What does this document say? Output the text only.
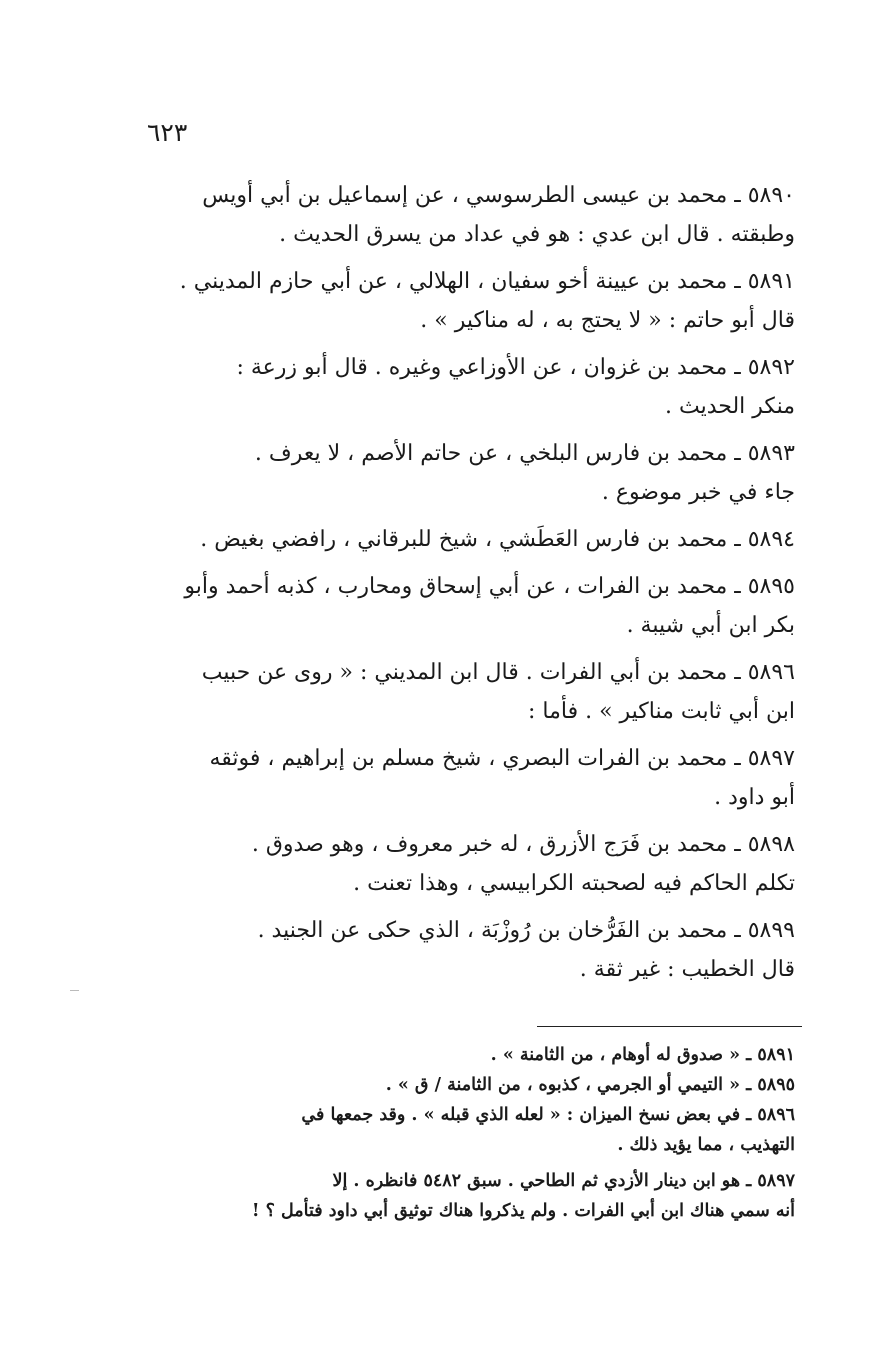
٦٢٣
٥٨٩٠ ـ محمد بن عيسى الطرسوسي ، عن إسماعيل بن أبي أويس
وطبقته . قال ابن عدي : هو في عداد من يسرق الحديث .
٥٨٩١ ـ محمد بن عيينة أخو سفيان ، الهلالي ، عن أبي حازم المديني .
قال أبو حاتم : « لا يحتج به ، له مناكير » .
٥٨٩٢ ـ محمد بن غزوان ، عن الأوزاعي وغيره . قال أبو زرعة :
منكر الحديث .
٥٨٩٣ ـ محمد بن فارس البلخي ، عن حاتم الأصم ، لا يعرف .
جاء في خبر موضوع .
٥٨٩٤ ـ محمد بن فارس العَطَشي ، شيخ للبرقاني ، رافضي بغيض .
٥٨٩٥ ـ محمد بن الفرات ، عن أبي إسحاق ومحارب ، كذبه أحمد وأبو
بكر ابن أبي شيبة .
٥٨٩٦ ـ محمد بن أبي الفرات . قال ابن المديني : « روى عن حبيب
ابن أبي ثابت مناكير » . فأما :
٥٨٩٧ ـ محمد بن الفرات البصري ، شيخ مسلم بن إبراهيم ، فوثقه
أبو داود .
٥٨٩٨ ـ محمد بن فَرَج الأزرق ، له خبر معروف ، وهو صدوق .
تكلم الحاكم فيه لصحبته الكرابيسي ، وهذا تعنت .
٥٨٩٩ ـ محمد بن الفَرُّخان بن رُوزْبَة ، الذي حكى عن الجنيد .
قال الخطيب : غير ثقة .
٥٨٩١ ـ « صدوق له أوهام ، من الثامنة » .
٥٨٩٥ ـ « التيمي أو الجرمي ، كذبوه ، من الثامنة / ق » .
٥٨٩٦ ـ في بعض نسخ الميزان : « لعله الذي قبله » . وقد جمعها في
التهذيب ، مما يؤيد ذلك .
٥٨٩٧ ـ هو ابن دينار الأزدي ثم الطاحي . سبق ٥٤٨٢ فانظره . إلا
أنه سمي هناك ابن أبي الفرات . ولم يذكروا هناك توثيق أبي داود فتأمل ؟ !
